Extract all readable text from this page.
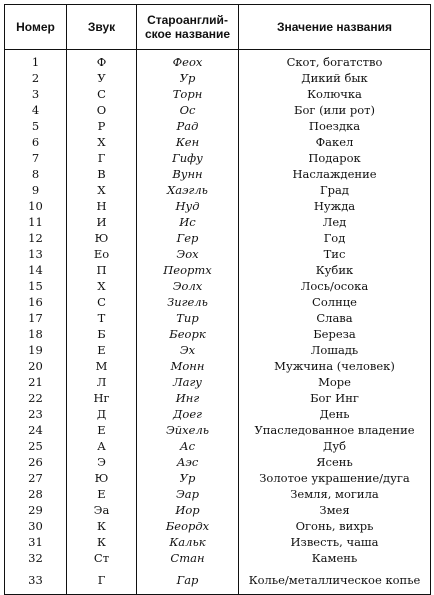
Номер	Звук	Староанглий-ское название	Значение названия
1	Ф	Феох	Скот, богатство
2	У	Ур	Дикий бык
3	С	Торн	Колючка
4	О	Ос	Бог (или рот)
5	Р	Рад	Поездка
6	Х	Кен	Факел
7	Г	Гифу	Подарок
8	В	Вунн	Наслаждение
9	Х	Хаэгль	Град
10	Н	Нуд	Нужда
11	И	Ис	Лед
12	Ю	Гер	Год
13	Ео	Эох	Тис
14	П	Пеортх	Кубик
15	Х	Эолх	Лось/осока
16	С	Зигель	Солнце
17	Т	Тир	Слава
18	Б	Беорк	Береза
19	Е	Эх	Лошадь
20	М	Монн	Мужчина (человек)
21	Л	Лагу	Море
22	Нг	Инг	Бог Инг
23	Д	Доег	День
24	Е	Эйхель	Упаследованное владение
25	А	Ас	Дуб
26	Э	Аэс	Ясень
27	Ю	Ур	Золотое украшение/дуга
28	Е	Эар	Земля, могила
29	Эа	Иор	Змея
30	К	Беордх	Огонь, вихрь
31	К	Кальк	Известь, чаша
32	Ст	Стан	Камень
33	Г	Гар	Колье/металлическое копье
